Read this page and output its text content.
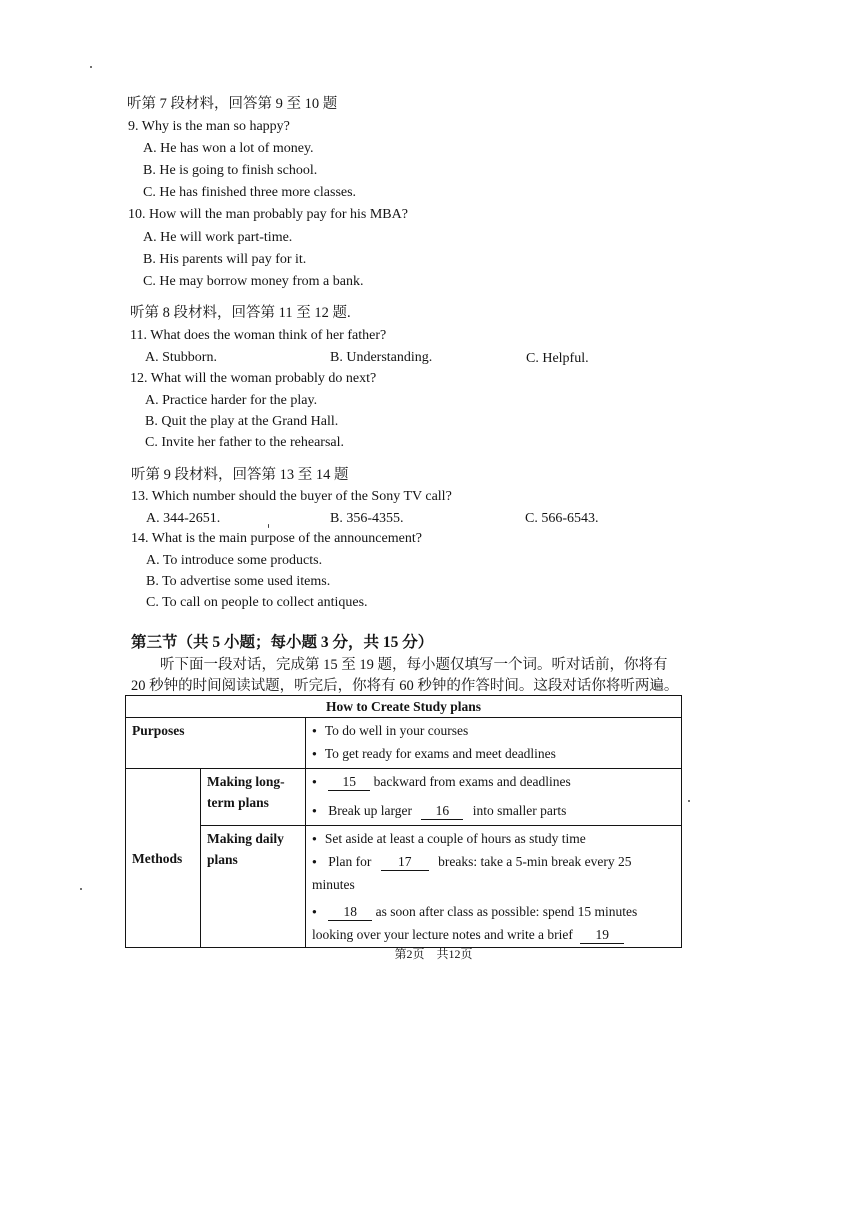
听第 7 段材料，回答第 9 至 10 题
9. Why is the man so happy?
A. He has won a lot of money.
B. He is going to finish school.
C. He has finished three more classes.
10. How will the man probably pay for his MBA?
A. He will work part-time.
B. His parents will pay for it.
C. He may borrow money from a bank.
听第 8 段材料，回答第 11 至 12 题.
11. What does the woman think of her father?
A. Stubborn.	B. Understanding.	C. Helpful.
12. What will the woman probably do next?
A. Practice harder for the play.
B. Quit the play at the Grand Hall.
C. Invite her father to the rehearsal.
听第 9 段材料，回答第 13 至 14 题
13. Which number should the buyer of the Sony TV call?
A. 344-2651.	B. 356-4355.	C. 566-6543.
14. What is the main purpose of the announcement?
A. To introduce some products.
B. To advertise some used items.
C. To call on people to collect antiques.
第三节（共 5 小题；每小题 3 分，共 15 分）
听下面一段对话，完成第 15 至 19 题，每小题仅填写一个词。听对话前，你将有
20 秒钟的时间阅读试题，听完后，你将有 60 秒钟的作答时间。这段对话你将听两遍。
How to Create Study plans		
Purposes		● To do well in your courses
● To get ready for exams and meet deadlines

Methods	Making long-term plans	● 15 backward from exams and deadlines
● Break up larger 16 into smaller parts

	Making daily plans	● Set aside at least a couple of hours as study time
● Plan for 17 breaks: take a 5-min break every 25 minutes
● 18 as soon after class as possible: spend 15 minutes looking over your lecture notes and write a brief 19
第2页　共12页
